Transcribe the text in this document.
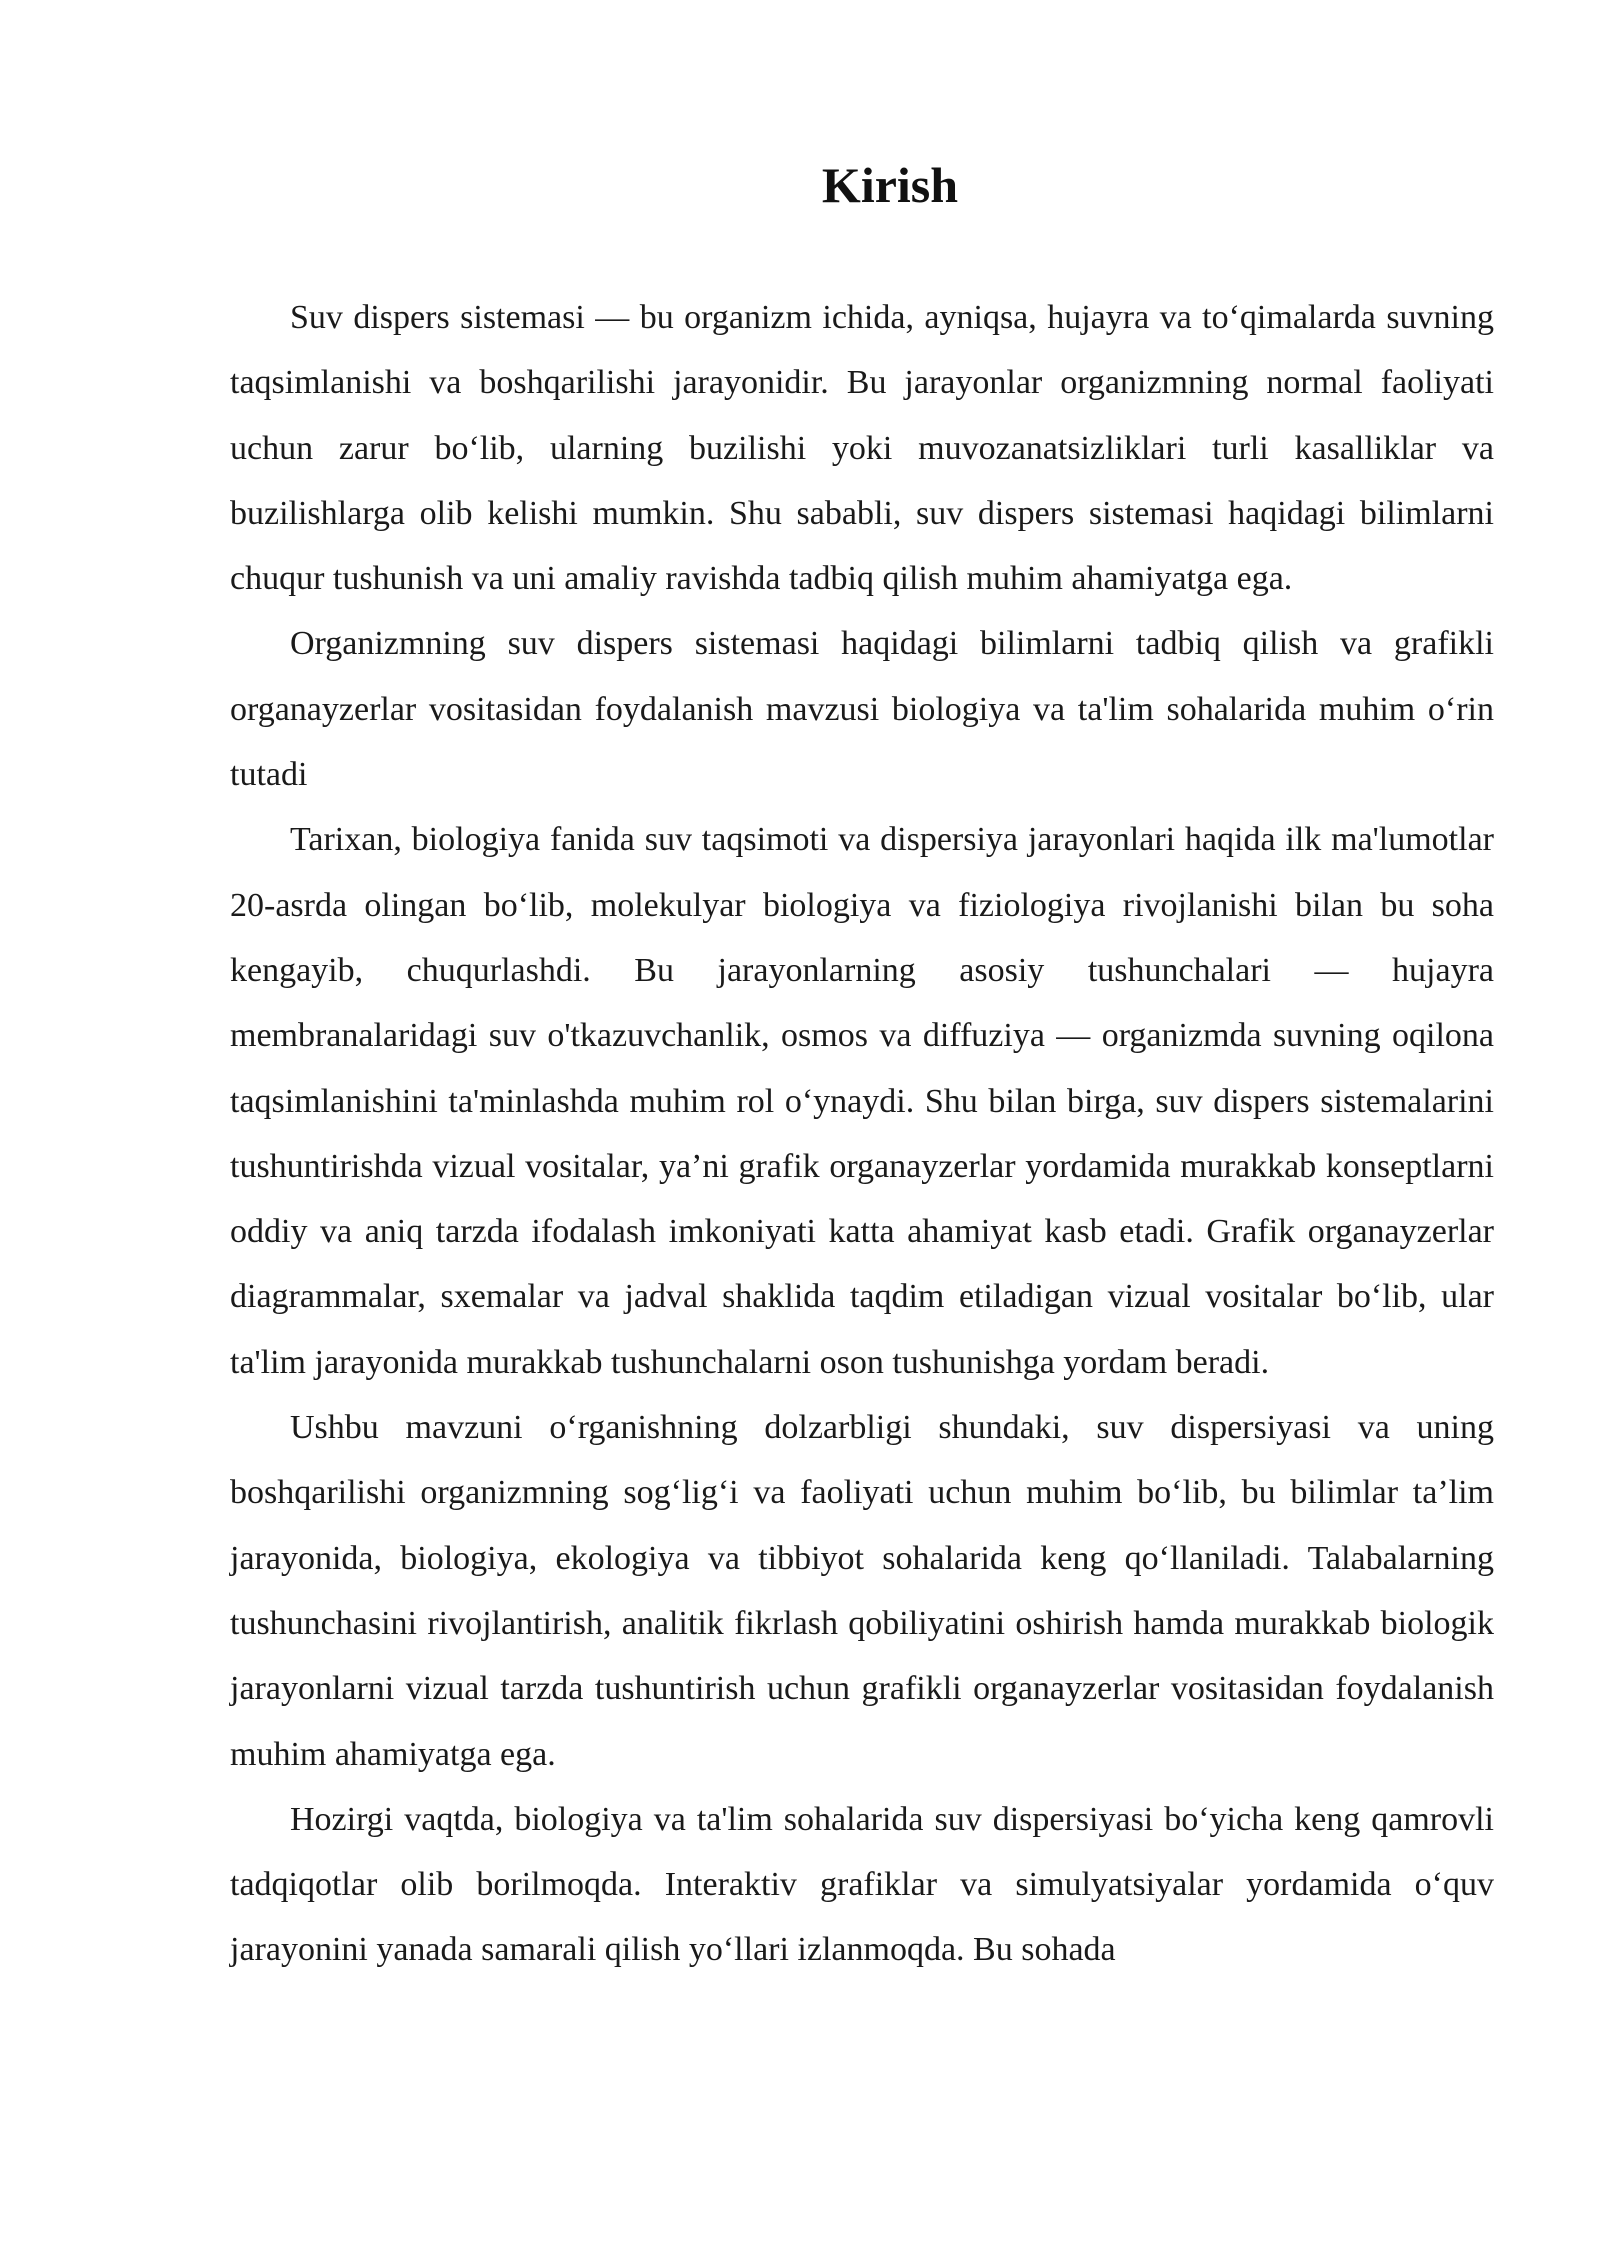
Kirish

Suv dispers sistemasi — bu organizm ichida, ayniqsa, hujayra va to‘qimalarda suvning taqsimlanishi va boshqarilishi jarayonidir. Bu jarayonlar organizmning normal faoliyati uchun zarur bo‘lib, ularning buzilishi yoki muvozanatsizliklari turli kasalliklar va buzilishlarga olib kelishi mumkin. Shu sababli, suv dispers sistemasi haqidagi bilimlarni chuqur tushunish va uni amaliy ravishda tadbiq qilish muhim ahamiyatga ega.

Organizmning suv dispers sistemasi haqidagi bilimlarni tadbiq qilish va grafikli organayzerlar vositasidan foydalanish mavzusi biologiya va ta'lim sohalarida muhim o‘rin tutadi

Tarixan, biologiya fanida suv taqsimoti va dispersiya jarayonlari haqida ilk ma'lumotlar 20-asrda olingan bo‘lib, molekulyar biologiya va fiziologiya rivojlanishi bilan bu soha kengayib, chuqurlashdi. Bu jarayonlarning asosiy tushunchalari — hujayra membranalaridagi suv o'tkazuvchanlik, osmos va diffuziya — organizmda suvning oqilona taqsimlanishini ta'minlashda muhim rol o‘ynaydi. Shu bilan birga, suv dispers sistemalarini tushuntirishda vizual vositalar, ya’ni grafik organayzerlar yordamida murakkab konseptlarni oddiy va aniq tarzda ifodalash imkoniyati katta ahamiyat kasb etadi. Grafik organayzerlar diagrammalar, sxemalar va jadval shaklida taqdim etiladigan vizual vositalar bo‘lib, ular ta'lim jarayonida murakkab tushunchalarni oson tushunishga yordam beradi.

Ushbu mavzuni o‘rganishning dolzarbligi shundaki, suv dispersiyasi va uning boshqarilishi organizmning sog‘lig‘i va faoliyati uchun muhim bo‘lib, bu bilimlar ta’lim jarayonida, biologiya, ekologiya va tibbiyot sohalarida keng qo‘llaniladi. Talabalarning tushunchasini rivojlantirish, analitik fikrlash qobiliyatini oshirish hamda murakkab biologik jarayonlarni vizual tarzda tushuntirish uchun grafikli organayzerlar vositasidan foydalanish muhim ahamiyatga ega.

Hozirgi vaqtda, biologiya va ta'lim sohalarida suv dispersiyasi bo‘yicha keng qamrovli tadqiqotlar olib borilmoqda. Interaktiv grafiklar va simulyatsiyalar yordamida o‘quv jarayonini yanada samarali qilish yo‘llari izlanmoqda. Bu sohada
